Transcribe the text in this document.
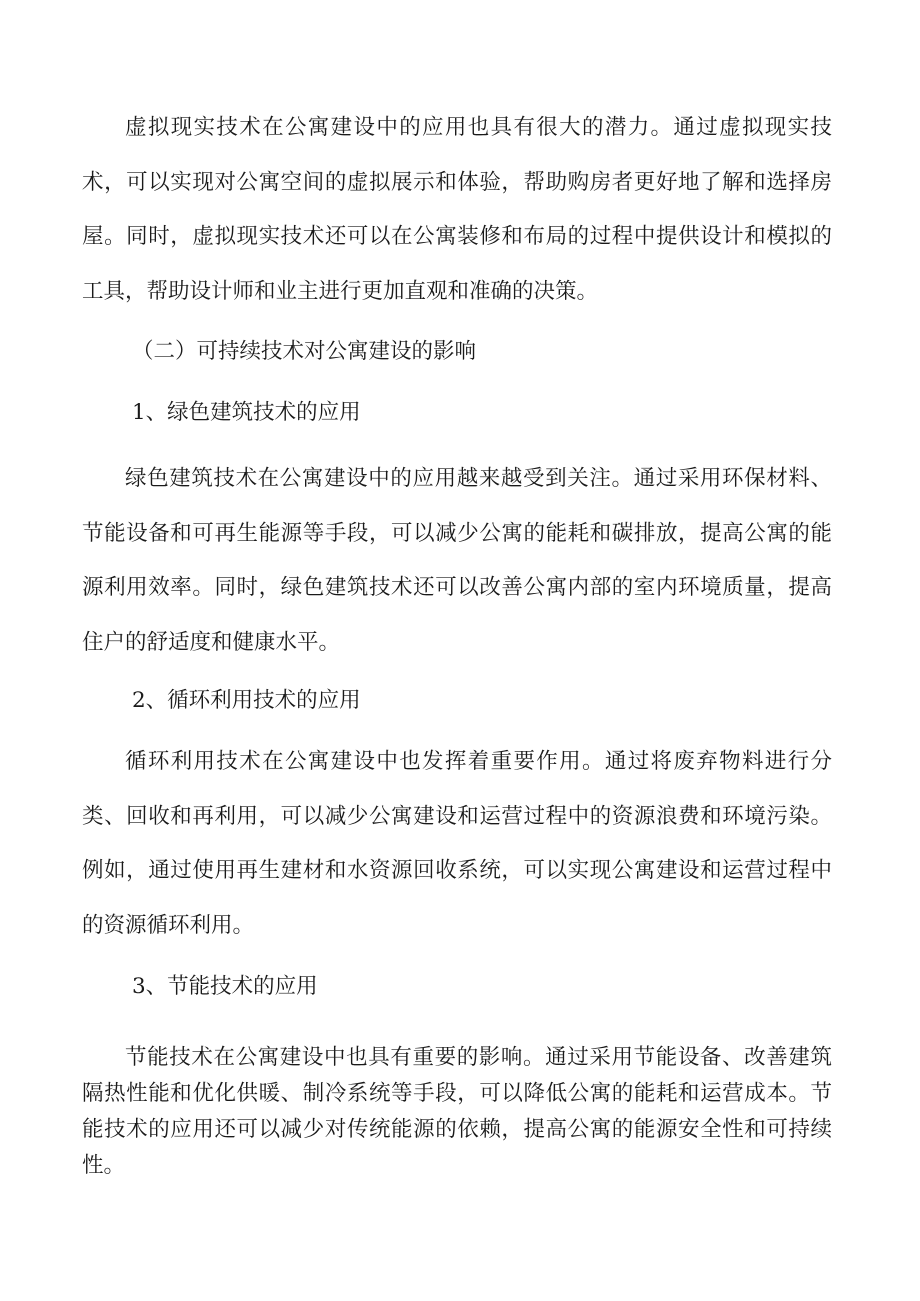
虚拟现实技术在公寓建设中的应用也具有很大的潜力。通过虚拟现实技术，可以实现对公寓空间的虚拟展示和体验，帮助购房者更好地了解和选择房屋。同时，虚拟现实技术还可以在公寓装修和布局的过程中提供设计和模拟的工具，帮助设计师和业主进行更加直观和准确的决策。

（二）可持续技术对公寓建设的影响

1、绿色建筑技术的应用

绿色建筑技术在公寓建设中的应用越来越受到关注。通过采用环保材料、节能设备和可再生能源等手段，可以减少公寓的能耗和碳排放，提高公寓的能源利用效率。同时，绿色建筑技术还可以改善公寓内部的室内环境质量，提高住户的舒适度和健康水平。

2、循环利用技术的应用

循环利用技术在公寓建设中也发挥着重要作用。通过将废弃物料进行分类、回收和再利用，可以减少公寓建设和运营过程中的资源浪费和环境污染。例如，通过使用再生建材和水资源回收系统，可以实现公寓建设和运营过程中的资源循环利用。

3、节能技术的应用

节能技术在公寓建设中也具有重要的影响。通过采用节能设备、改善建筑隔热性能和优化供暖、制冷系统等手段，可以降低公寓的能耗和运营成本。节能技术的应用还可以减少对传统能源的依赖，提高公寓的能源安全性和可持续性。
